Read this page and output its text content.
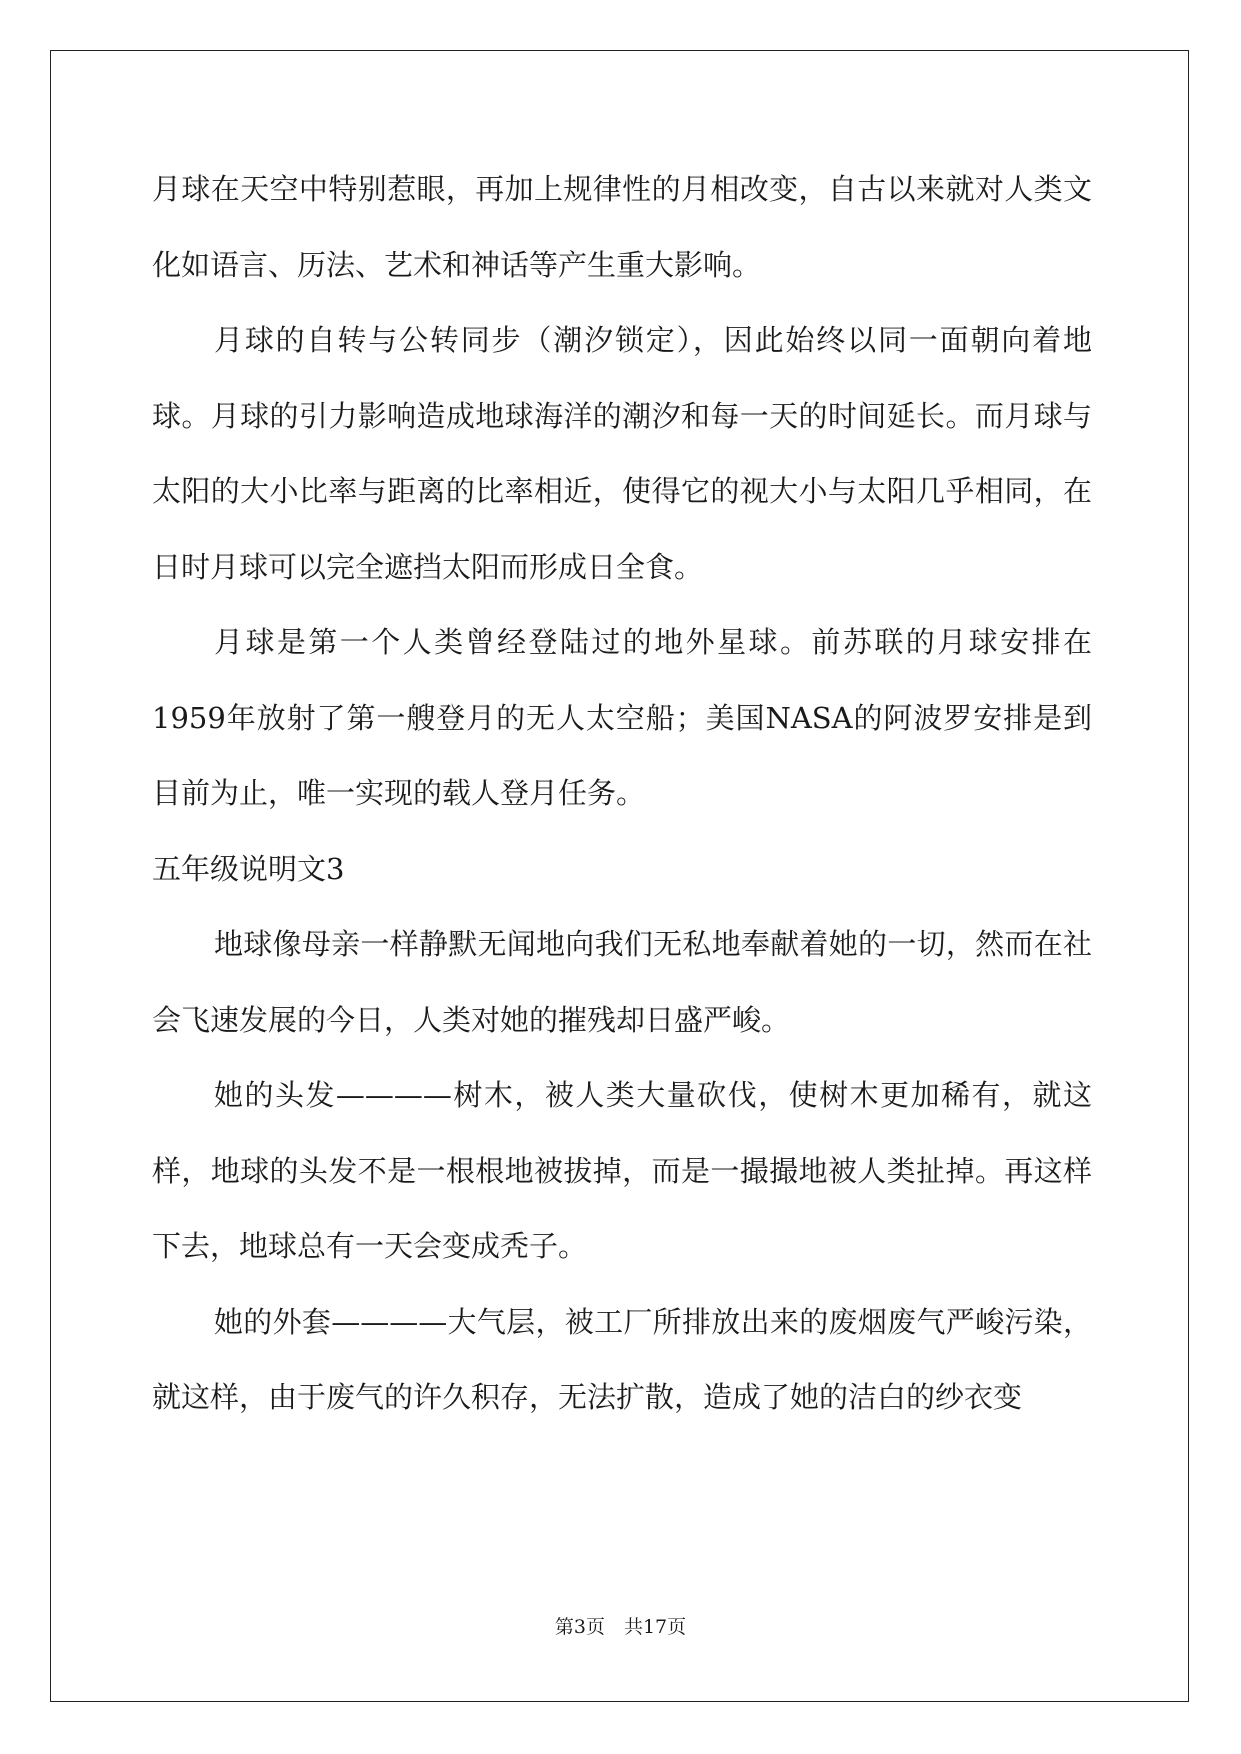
月球在天空中特别惹眼，再加上规律性的月相改变，自古以来就对人类文化如语言、历法、艺术和神话等产生重大影响。

月球的自转与公转同步（潮汐锁定），因此始终以同一面朝向着地球。月球的引力影响造成地球海洋的潮汐和每一天的时间延长。而月球与太阳的大小比率与距离的比率相近，使得它的视大小与太阳几乎相同，在日时月球可以完全遮挡太阳而形成日全食。

月球是第一个人类曾经登陆过的地外星球。前苏联的月球安排在1959年放射了第一艘登月的无人太空船；美国NASA的阿波罗安排是到目前为止，唯一实现的载人登月任务。

五年级说明文3

地球像母亲一样静默无闻地向我们无私地奉献着她的一切，然而在社会飞速发展的今日，人类对她的摧残却日盛严峻。

她的头发————树木，被人类大量砍伐，使树木更加稀有，就这样，地球的头发不是一根根地被拔掉，而是一撮撮地被人类扯掉。再这样下去，地球总有一天会变成秃子。

她的外套————大气层，被工厂所排放出来的废烟废气严峻污染，就这样，由于废气的许久积存，无法扩散，造成了她的洁白的纱衣变

第3页　共17页
